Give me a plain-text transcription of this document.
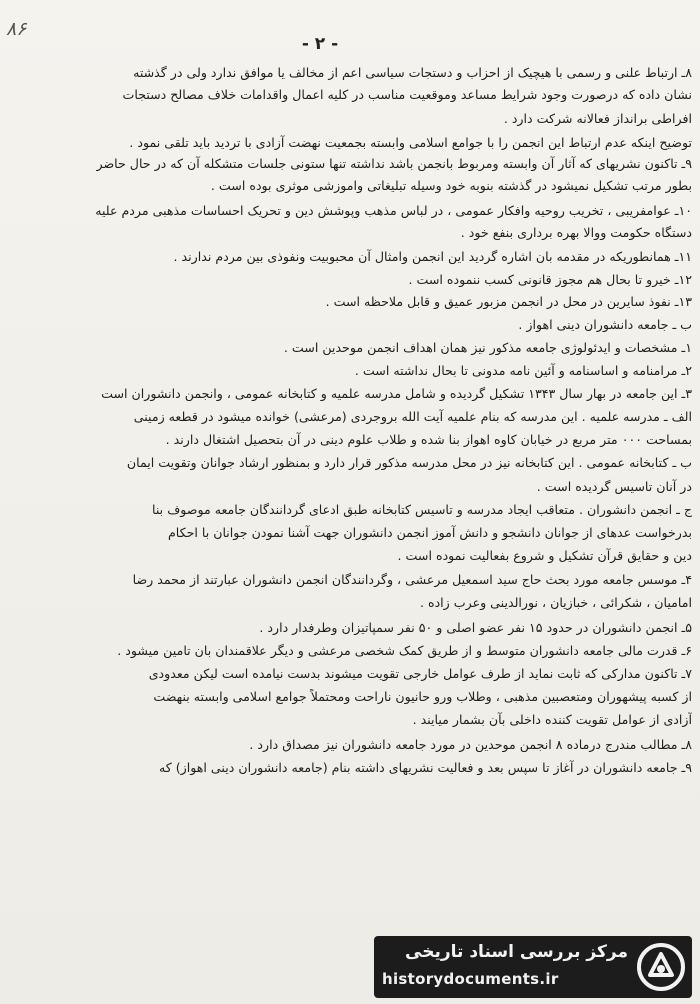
۸۶
- ۲ -
۸ـ ارتباط علنی و رسمی با هیچیک از احزاب و دستجات سیاسی اعم از مخالف یا موافق ندارد ولی در گذشته
نشان داده که درصورت وجود شرایط مساعد وموقعیت مناسب در کلیه اعمال واقدامات خلاف مصالح دستجات
افراطی برانداز فعالانه شرکت دارد .
توضیح اینکه عدم ارتباط این انجمن را با جوامع اسلامی وابسته بجمعیت نهضت آزادی با تردید باید تلقی نمود .
۹ـ تاکنون نشریهای که آثار آن وابسته ومربوط بانجمن باشد نداشته تنها ستونی جلسات متشکله آن که در حال حاضر
بطور مرتب تشکیل نمیشود در گذشته بنوبه خود وسیله تبلیغاتی واموزشی موثری بوده است .
۱۰ـ عوامفریبی ، تخریب روحیه وافکار عمومی ، در لباس مذهب وپوشش دین و تحریک احساسات مذهبی مردم علیه
دستگاه حکومت ووالا بهره برداری بنفع خود .
۱۱ـ همانطوریکه در مقدمه بان اشاره گردید این انجمن وامثال آن محبوبیت ونفوذی بین مردم ندارند .
۱۲ـ خیرو تا بحال هم مجوز قانونی کسب ننموده است .
۱۳ـ نفوذ سایرین در محل در انجمن مزبور عمیق و قابل ملاحظه است .
ب ـ جامعه دانشوران دینی اهواز .
۱ـ مشخصات و ایدئولوژی جامعه مذکور نیز همان اهداف انجمن موحدین است .
۲ـ مرامنامه و اساسنامه و آئین نامه مدونی تا بحال نداشته است .
۳ـ این جامعه در بهار سال ۱۳۴۳ تشکیل گردیده و شامل مدرسه علمیه و کتابخانه عمومی ، وانجمن دانشوران است
الف ـ مدرسه علمیه . این مدرسه که بنام علمیه آیت الله بروجردی (مرعشی) خوانده میشود در قطعه زمینی
بمساحت ۰۰۰ متر مربع در خیابان کاوه اهواز بنا شده و طلاب علوم دینی در آن بتحصیل اشتغال دارند .
ب ـ کتابخانه عمومی . این کتابخانه نیز در محل مدرسه مذکور قرار دارد و بمنظور ارشاد جوانان وتقویت ایمان
در آنان تاسیس گردیده است .
ج ـ انجمن دانشوران . متعاقب ایجاد مدرسه و تاسیس کتابخانه طبق ادعای گردانندگان جامعه موصوف بنا
بدرخواست عدهای از جوانان دانشجو و دانش آموز انجمن دانشوران جهت آشنا نمودن جوانان با احکام
دین و حقایق قرآن تشکیل و شروع بفعالیت نموده است .
۴ـ موسس جامعه مورد بحث حاج سید اسمعیل مرعشی ، وگردانندگان انجمن دانشوران عبارتند از محمد رضا
امامیان ، شکرائی ، خبازیان ، نورالدینی وعرب زاده .
۵ـ انجمن دانشوران در حدود ۱۵ نفر عضو اصلی و ۵۰ نفر سمپاتیزان وطرفدار دارد .
۶ـ قدرت مالی جامعه دانشوران متوسط و از طریق کمک شخصی مرعشی و دیگر علاقمندان بان تامین میشود .
۷ـ تاکنون مدارکی که ثابت نماید از طرف عوامل خارجی تقویت میشوند بدست نیامده است لیکن معدودی
از کسبه پیشهوران ومتعصبین مذهبی ، وطلاب ورو حانیون ناراحت ومحتملاً جوامع اسلامی وابسته بنهضت
آزادی از عوامل تقویت کننده داخلی بآن بشمار میایند .
۸ـ مطالب مندرج درماده ۸ انجمن موحدین در مورد جامعه دانشوران نیز مصداق دارد .
۹ـ جامعه دانشوران در آغاز تا سپس بعد و فعالیت نشریهای داشته بنام (جامعه دانشوران دینی اهواز) که
مرکز بررسی اسناد تاریخی
historydocuments.ir
